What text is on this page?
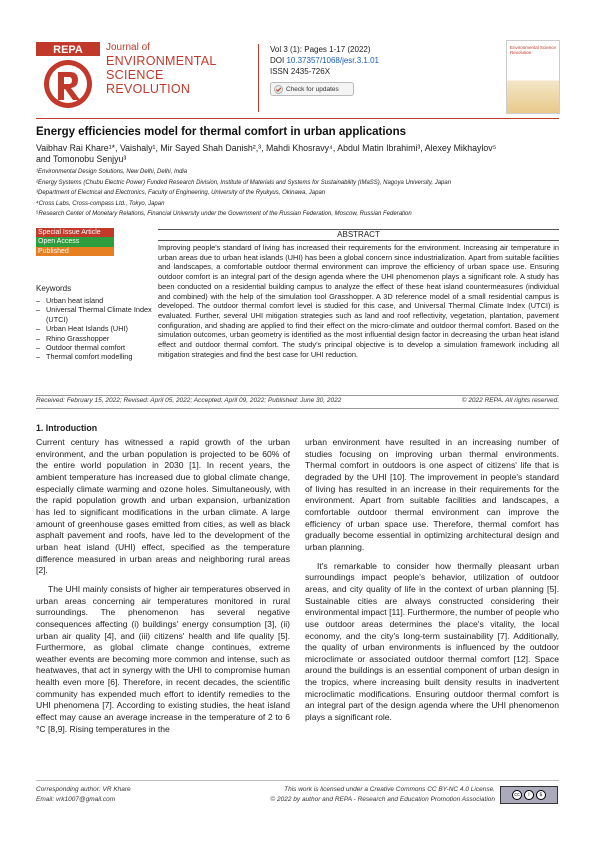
REPA Journal of
ENVIRONMENTAL
SCIENCE
REVOLUTION
Vol 3 (1): Pages 1-17 (2022)
DOI 10.37357/1068/jesr.3.1.01
ISSN 2435-726X
Check for updates
Environmental Science Revolution
Energy efficiencies model for thermal comfort in urban applications
Vaibhav Rai Khare¹*, Vaishaly¹, Mir Sayed Shah Danish²,³, Mahdi Khosravy⁴, Abdul Matin Ibrahimi³, Alexey Mikhaylov⁵
and Tomonobu Senjyu³
¹Environmental Design Solutions, New Delhi, Delhi, India
²Energy Systems (Chubu Electric Power) Funded Research Division, Institute of Materials and Systems for Sustainability (IMaSS), Nagoya University, Japan
³Department of Electrical and Electronics, Faculty of Engineering, University of the Ryukyus, Okinawa, Japan
⁴Cross Labs, Cross-compass Ltd., Tokyo, Japan
⁵Research Center of Monetary Relations, Financial University under the Government of the Russian Federation, Moscow, Russian Federation
Special Issue Article
Open Access
Published
Keywords
– Urban heat island
– Universal Thermal Climate Index (UTCI)
– Urban Heat Islands (UHI)
– Rhino Grasshopper
– Outdoor thermal comfort
– Thermal comfort modelling
ABSTRACT
Improving people's standard of living has increased their requirements for the environment. Increasing air temperature in urban areas due to urban heat islands (UHI) has been a global concern since industrialization. Apart from suitable facilities and landscapes, a comfortable outdoor thermal environment can improve the efficiency of urban space use. Ensuring outdoor comfort is an integral part of the design agenda where the UHI phenomenon plays a significant role. A study has been conducted on a residential building campus to analyze the effect of these heat island countermeasures (individual and combined) with the help of the simulation tool Grasshopper. A 3D reference model of a small residential campus is developed. The outdoor thermal comfort level is studied for this case, and Universal Thermal Climate Index (UTCI) is evaluated. Further, several UHI mitigation strategies such as land and roof reflectivity, vegetation, plantation, pavement configuration, and shading are applied to find their effect on the micro-climate and outdoor thermal comfort. Based on the simulation outcomes, urban geometry is identified as the most influential design factor in decreasing the urban heat island effect and outdoor thermal comfort. The study's principal objective is to develop a simulation framework including all mitigation strategies and find the best case for UHI reduction.
Received: February 15, 2022; Revised: April 05, 2022; Accepted: April 09, 2022; Published: June 30, 2022	© 2022 REPA. All rights reserved.
1. Introduction

Current century has witnessed a rapid growth of the urban environment, and the urban population is projected to be 60% of the entire world population in 2030 [1]. In recent years, the ambient temperature has increased due to global climate change, especially climate warming and ozone holes. Simultaneously, with the rapid population growth and urban expansion, urbanization has led to significant modifications in the urban climate. A large amount of greenhouse gases emitted from cities, as well as black asphalt pavement and roofs, have led to the development of the urban heat island (UHI) effect, specified as the temperature difference measured in urban areas and neighboring rural areas [2].

The UHI mainly consists of higher air temperatures observed in urban areas concerning air temperatures monitored in rural surroundings. The phenomenon has several negative consequences affecting (i) buildings' energy consumption [3], (ii) urban air quality [4], and (iii) citizens' health and life quality [5]. Furthermore, as global climate change continues, extreme weather events are becoming more common and intense, such as heatwaves, that act in synergy with the UHI to compromise human health even more [6]. Therefore, in recent decades, the scientific community has expended much effort to identify remedies to the UHI phenomena [7]. According to existing studies, the heat island effect may cause an average increase in the temperature of 2 to 6 °C [8,9]. Rising temperatures in the

urban environment have resulted in an increasing number of studies focusing on improving urban thermal environments. Thermal comfort in outdoors is one aspect of citizens' life that is degraded by the UHI [10]. The improvement in people's standard of living has resulted in an increase in their requirements for the environment. Apart from suitable facilities and landscapes, a comfortable outdoor thermal environment can improve the efficiency of urban space use. Therefore, thermal comfort has gradually become essential in optimizing architectural design and urban planning.

It's remarkable to consider how thermally pleasant urban surroundings impact people's behavior, utilization of outdoor areas, and city quality of life in the context of urban planning [5]. Sustainable cities are always constructed considering their environmental impact [11]. Furthermore, the number of people who use outdoor areas determines the place's vitality, the local economy, and the city's long-term sustainability [7]. Additionally, the quality of urban environments is influenced by the outdoor microclimate or associated outdoor thermal comfort [12]. Space around the buildings is an essential component of urban design in the tropics, where increasing built density results in inadvertent microclimatic modifications. Ensuring outdoor thermal comfort is an integral part of the design agenda where the UHI phenomenon plays a significant role.

Corresponding author: VR Khare
Email: vrk1007@gmail.com
This work is licensed under a Creative Commons CC BY-NC 4.0 License.
© 2022 by author and REPA - Research and Education Promotion Association
cc	i	$
